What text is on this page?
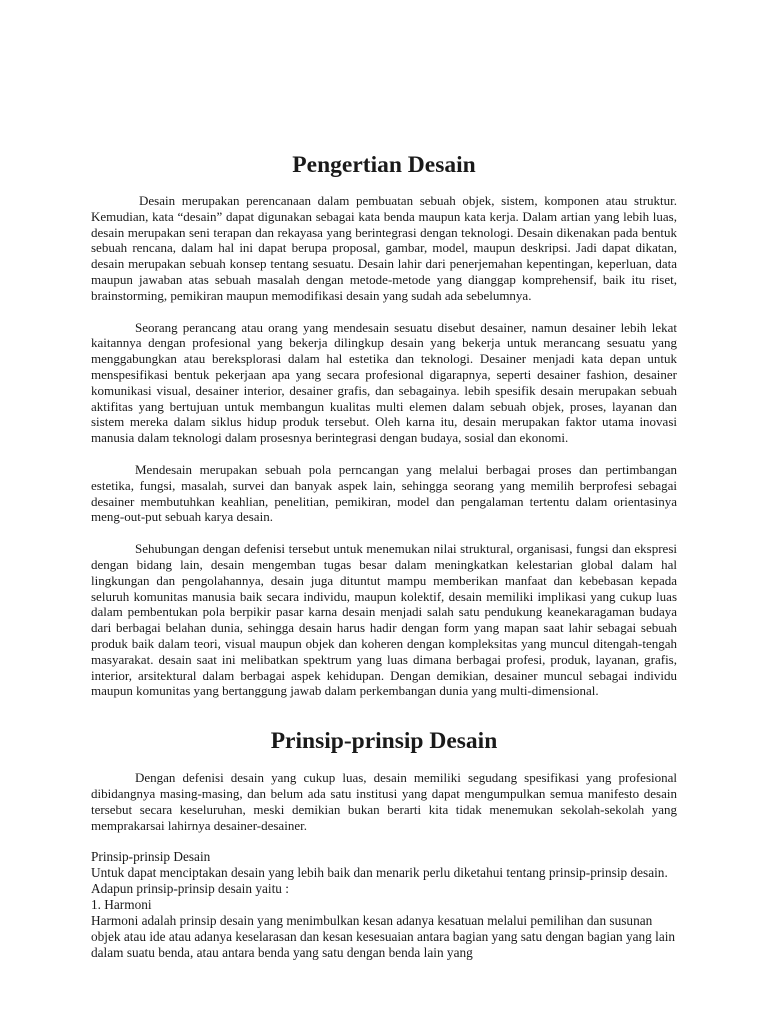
Pengertian Desain

Desain merupakan perencanaan dalam pembuatan sebuah objek, sistem, komponen atau struktur. Kemudian, kata “desain” dapat digunakan sebagai kata benda maupun kata kerja. Dalam artian yang lebih luas, desain merupakan seni terapan dan rekayasa yang berintegrasi dengan teknologi. Desain dikenakan pada bentuk sebuah rencana, dalam hal ini dapat berupa proposal, gambar, model, maupun deskripsi. Jadi dapat dikatan, desain merupakan sebuah konsep tentang sesuatu. Desain lahir dari penerjemahan kepentingan, keperluan, data maupun jawaban atas sebuah masalah dengan metode-metode yang dianggap komprehensif, baik itu riset, brainstorming, pemikiran maupun memodifikasi desain yang sudah ada sebelumnya.

Seorang perancang atau orang yang mendesain sesuatu disebut desainer, namun desainer lebih lekat kaitannya dengan profesional yang bekerja dilingkup desain yang bekerja untuk merancang sesuatu yang menggabungkan atau bereksplorasi dalam hal estetika dan teknologi. Desainer menjadi kata depan untuk menspesifikasi bentuk pekerjaan apa yang secara profesional digarapnya, seperti desainer fashion, desainer komunikasi visual, desainer interior, desainer grafis, dan sebagainya. lebih spesifik desain merupakan sebuah aktifitas yang bertujuan untuk membangun kualitas multi elemen dalam sebuah objek, proses, layanan dan sistem mereka dalam siklus hidup produk tersebut. Oleh karna itu, desain merupakan faktor utama inovasi manusia dalam teknologi dalam prosesnya berintegrasi dengan budaya, sosial dan ekonomi.

Mendesain merupakan sebuah pola perncangan yang melalui berbagai proses dan pertimbangan estetika, fungsi, masalah, survei dan banyak aspek lain, sehingga seorang yang memilih berprofesi sebagai desainer membutuhkan keahlian, penelitian, pemikiran, model dan pengalaman tertentu dalam orientasinya meng-out-put sebuah karya desain.

Sehubungan dengan defenisi tersebut untuk menemukan nilai struktural, organisasi, fungsi dan ekspresi dengan bidang lain, desain mengemban tugas besar dalam meningkatkan kelestarian global dalam hal lingkungan dan pengolahannya, desain juga dituntut mampu memberikan manfaat dan kebebasan kepada seluruh komunitas manusia baik secara individu, maupun kolektif, desain memiliki implikasi yang cukup luas dalam pembentukan pola berpikir pasar karna desain menjadi salah satu pendukung keanekaragaman budaya dari berbagai belahan dunia, sehingga desain harus hadir dengan form yang mapan saat lahir sebagai sebuah produk baik dalam teori, visual maupun objek dan koheren dengan kompleksitas yang muncul ditengah-tengah masyarakat. desain saat ini melibatkan spektrum yang luas dimana berbagai profesi, produk, layanan, grafis, interior, arsitektural dalam berbagai aspek kehidupan. Dengan demikian, desainer muncul sebagai individu maupun komunitas yang bertanggung jawab dalam perkembangan dunia yang multi-dimensional.

Prinsip-prinsip Desain

Dengan defenisi desain yang cukup luas, desain memiliki segudang spesifikasi yang profesional dibidangnya masing-masing, dan belum ada satu institusi yang dapat mengumpulkan semua manifesto desain tersebut secara keseluruhan, meski demikian bukan berarti kita tidak menemukan sekolah-sekolah yang memprakarsai lahirnya desainer-desainer.

Prinsip-prinsip Desain
Untuk dapat menciptakan desain yang lebih baik dan menarik perlu diketahui tentang prinsip-prinsip desain. Adapun prinsip-prinsip desain yaitu :
1. Harmoni
Harmoni adalah prinsip desain yang menimbulkan kesan adanya kesatuan melalui pemilihan dan susunan objek atau ide atau adanya keselarasan dan kesan kesesuaian antara bagian yang satu dengan bagian yang lain dalam suatu benda, atau antara benda yang satu dengan benda lain yang
